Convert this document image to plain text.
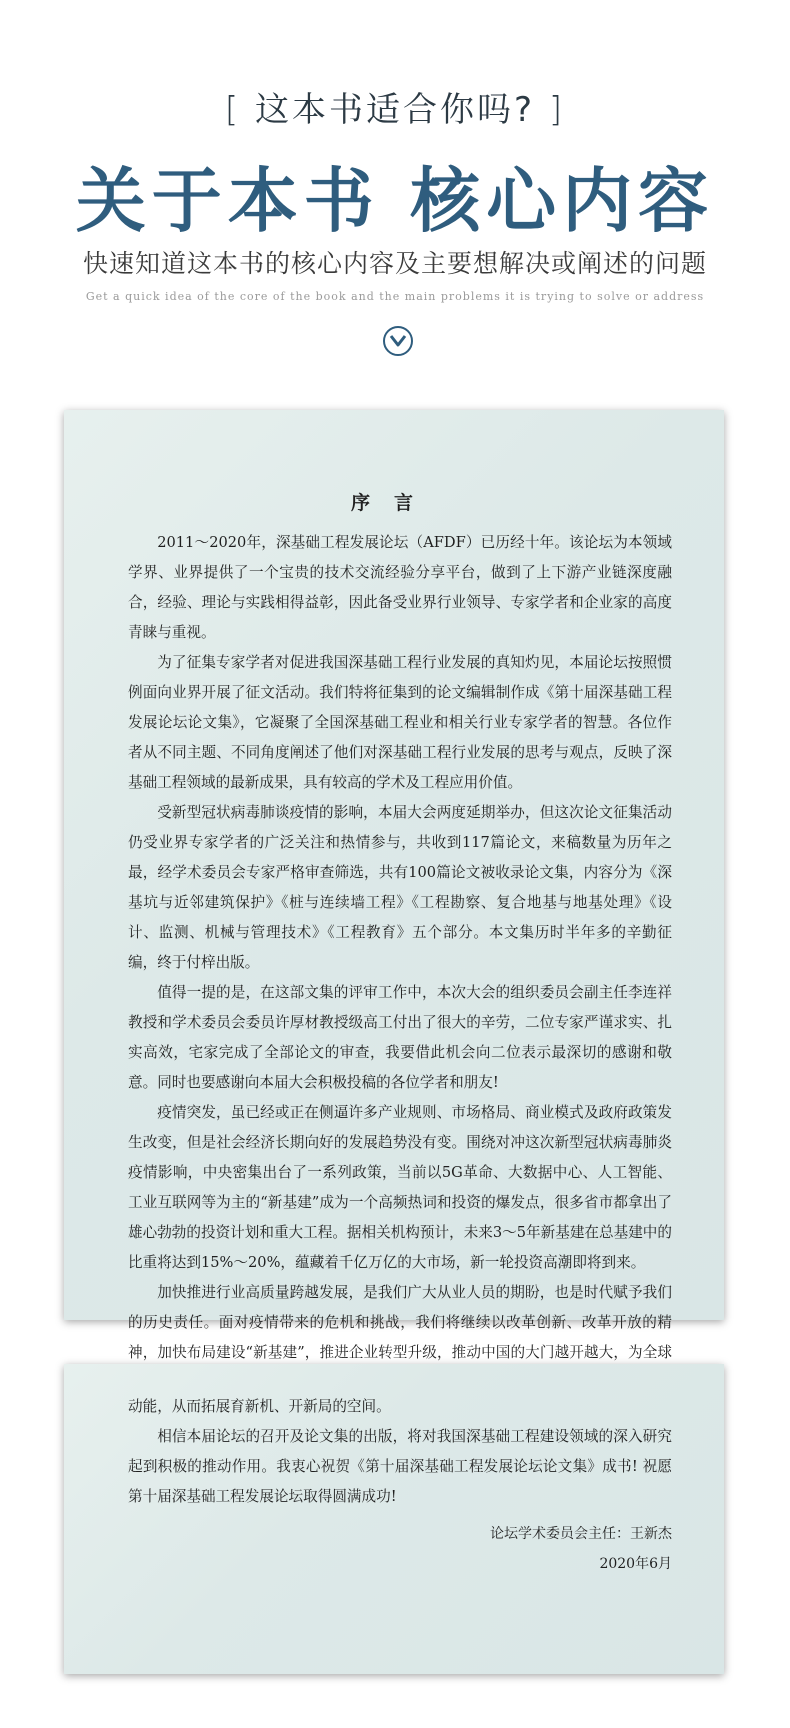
[ 这本书适合你吗? ]
关于本书 核心内容
快速知道这本书的核心内容及主要想解决或阐述的问题
Get a quick idea of the core of the book and the main problems it is trying to solve or address
序言

2011～2020年，深基础工程发展论坛（AFDF）已历经十年。该论坛为本领域学界、业界提供了一个宝贵的技术交流经验分享平台，做到了上下游产业链深度融合，经验、理论与实践相得益彰，因此备受业界行业领导、专家学者和企业家的高度青睐与重视。

为了征集专家学者对促进我国深基础工程行业发展的真知灼见，本届论坛按照惯例面向业界开展了征文活动。我们特将征集到的论文编辑制作成《第十届深基础工程发展论坛论文集》，它凝聚了全国深基础工程业和相关行业专家学者的智慧。各位作者从不同主题、不同角度阐述了他们对深基础工程行业发展的思考与观点，反映了深基础工程领域的最新成果，具有较高的学术及工程应用价值。

受新型冠状病毒肺谈疫情的影响，本届大会两度延期举办，但这次论文征集活动仍受业界专家学者的广泛关注和热情参与，共收到117篇论文，来稿数量为历年之最，经学术委员会专家严格审查筛选，共有100篇论文被收录论文集，内容分为《深基坑与近邻建筑保护》《桩与连续墙工程》《工程勘察、复合地基与地基处理》《设计、监测、机械与管理技术》《工程教育》五个部分。本文集历时半年多的辛勤征编，终于付梓出版。

值得一提的是，在这部文集的评审工作中，本次大会的组织委员会副主任李连祥教授和学术委员会委员许厚材教授级高工付出了很大的辛劳，二位专家严谨求实、扎实高效，宅家完成了全部论文的审查，我要借此机会向二位表示最深切的感谢和敬意。同时也要感谢向本届大会积极投稿的各位学者和朋友!

疫情突发，虽已经或正在侧逼许多产业规则、市场格局、商业模式及政府政策发生改变，但是社会经济长期向好的发展趋势没有变。围绕对冲这次新型冠状病毒肺炎疫情影响，中央密集出台了一系列政策，当前以5G革命、大数据中心、人工智能、工业互联网等为主的“新基建”成为一个高频热词和投资的爆发点，很多省市都拿出了雄心勃勃的投资计划和重大工程。据相关机构预计，未来3～5年新基建在总基建中的比重将达到15%～20%，蕴藏着千亿万亿的大市场，新一轮投资高潮即将到来。

加快推进行业高质量跨越发展，是我们广大从业人员的期盼，也是时代赋予我们的历史责任。面对疫情带来的危机和挑战，我们将继续以改革创新、改革开放的精神，加快布局建设“新基建”，推进企业转型升级，推动中国的大门越开越大，为全球

动能，从而拓展育新机、开新局的空间。

相信本届论坛的召开及论文集的出版，将对我国深基础工程建设领域的深入研究起到积极的推动作用。我衷心祝贺《第十届深基础工程发展论坛论文集》成书! 祝愿第十届深基础工程发展论坛取得圆满成功!

论坛学术委员会主任：王新杰
2020年6月
